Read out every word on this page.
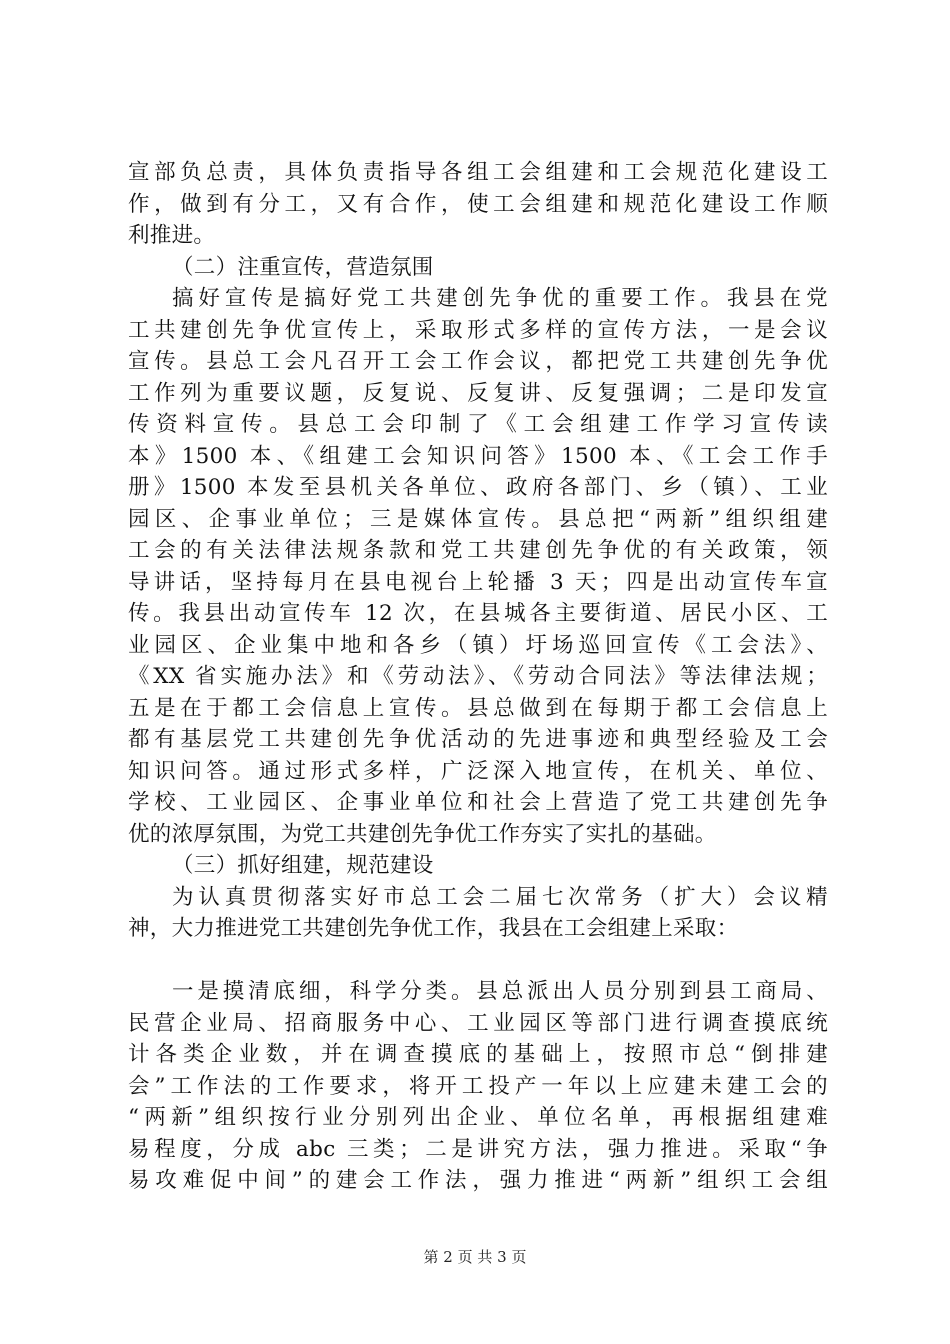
宣部负总责，具体负责指导各组工会组建和工会规范化建设工
作，做到有分工，又有合作，使工会组建和规范化建设工作顺
利推进。
（二）注重宣传，营造氛围
搞好宣传是搞好党工共建创先争优的重要工作。我县在党
工共建创先争优宣传上，采取形式多样的宣传方法，一是会议
宣传。县总工会凡召开工会工作会议，都把党工共建创先争优
工作列为重要议题，反复说、反复讲、反复强调；二是印发宣
传资料宣传。县总工会印制了《工会组建工作学习宣传读
本》1500 本、《组建工会知识问答》1500 本、《工会工作手
册》1500 本发至县机关各单位、政府各部门、乡（镇）、工业
园区、企事业单位；三是媒体宣传。县总把“两新”组织组建
工会的有关法律法规条款和党工共建创先争优的有关政策，领
导讲话，坚持每月在县电视台上轮播 3 天；四是出动宣传车宣
传。我县出动宣传车 12 次，在县城各主要街道、居民小区、工
业园区、企业集中地和各乡（镇）圩场巡回宣传《工会法》、
《XX 省实施办法》和《劳动法》、《劳动合同法》等法律法规；
五是在于都工会信息上宣传。县总做到在每期于都工会信息上
都有基层党工共建创先争优活动的先进事迹和典型经验及工会
知识问答。通过形式多样，广泛深入地宣传，在机关、单位、
学校、工业园区、企事业单位和社会上营造了党工共建创先争
优的浓厚氛围，为党工共建创先争优工作夯实了实扎的基础。
（三）抓好组建，规范建设
为认真贯彻落实好市总工会二届七次常务（扩大）会议精
神，大力推进党工共建创先争优工作，我县在工会组建上采取：
一是摸清底细，科学分类。县总派出人员分别到县工商局、
民营企业局、招商服务中心、工业园区等部门进行调查摸底统
计各类企业数，并在调查摸底的基础上，按照市总“倒排建
会”工作法的工作要求，将开工投产一年以上应建未建工会的
“两新”组织按行业分别列出企业、单位名单，再根据组建难
易程度，分成 abc 三类；二是讲究方法，强力推进。采取“争
易攻难促中间”的建会工作法，强力推进“两新”组织工会组
第 2 页 共 3 页
